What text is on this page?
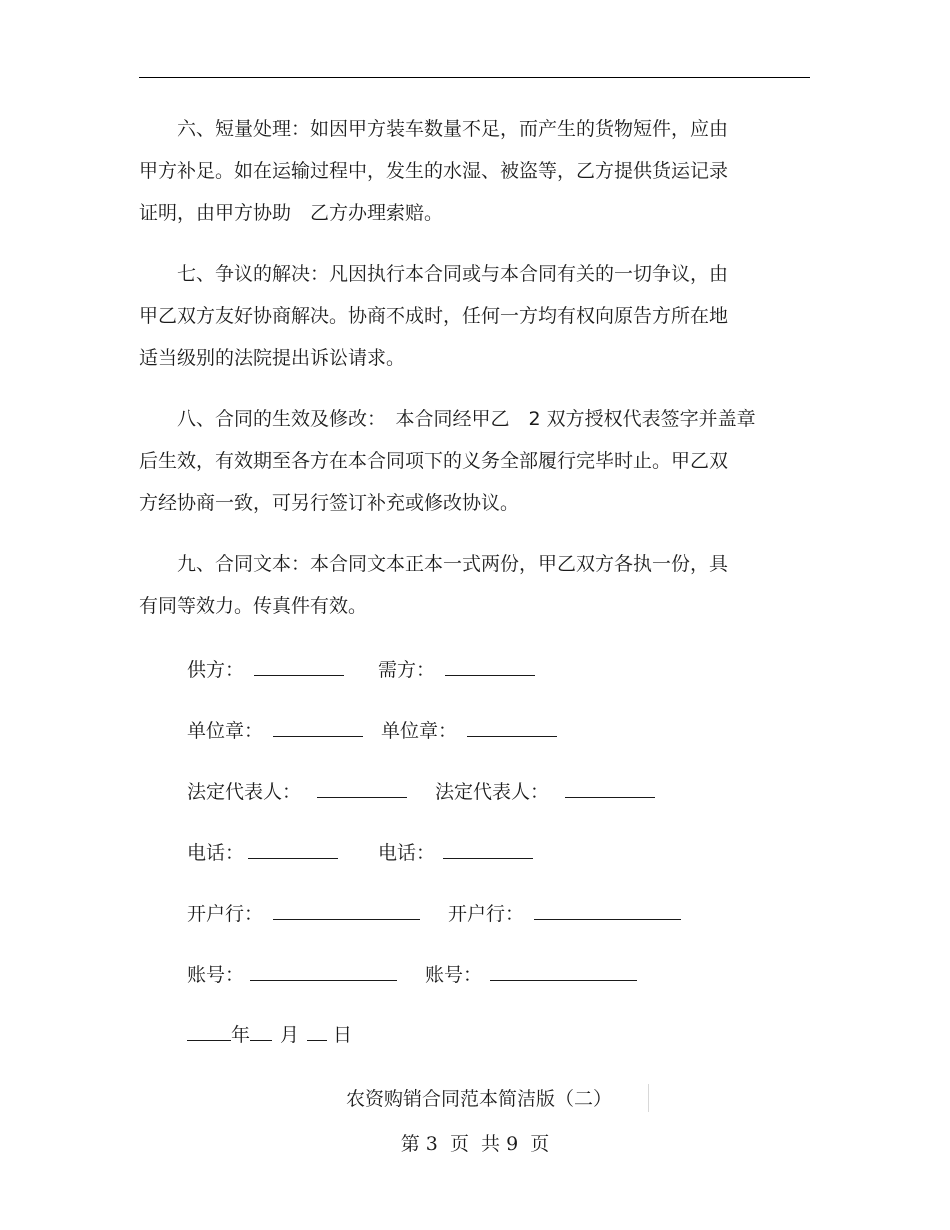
　　六、短量处理：如因甲方装车数量不足，而产生的货物短件，应由
甲方补足。如在运输过程中，发生的水湿、被盗等，乙方提供货运记录
证明，由甲方协助　乙方办理索赔。
　　七、争议的解决：凡因执行本合同或与本合同有关的一切争议，由
甲乙双方友好协商解决。协商不成时，任何一方均有权向原告方所在地
适当级别的法院提出诉讼请求。
　　八、合同的生效及修改：　本合同经甲乙　2 双方授权代表签字并盖章
后生效，有效期至各方在本合同项下的义务全部履行完毕时止。甲乙双
方经协商一致，可另行签订补充或修改协议。
　　九、合同文本：本合同文本正本一式两份，甲乙双方各执一份，具
有同等效力。传真件有效。
供方：	需方：
单位章：	单位章：
法定代表人：	法定代表人：
电话：	电话：
开户行：	开户行：
账号：	账号：
年 月 日
农资购销合同范本简洁版（二）
第 3  页  共 9  页
